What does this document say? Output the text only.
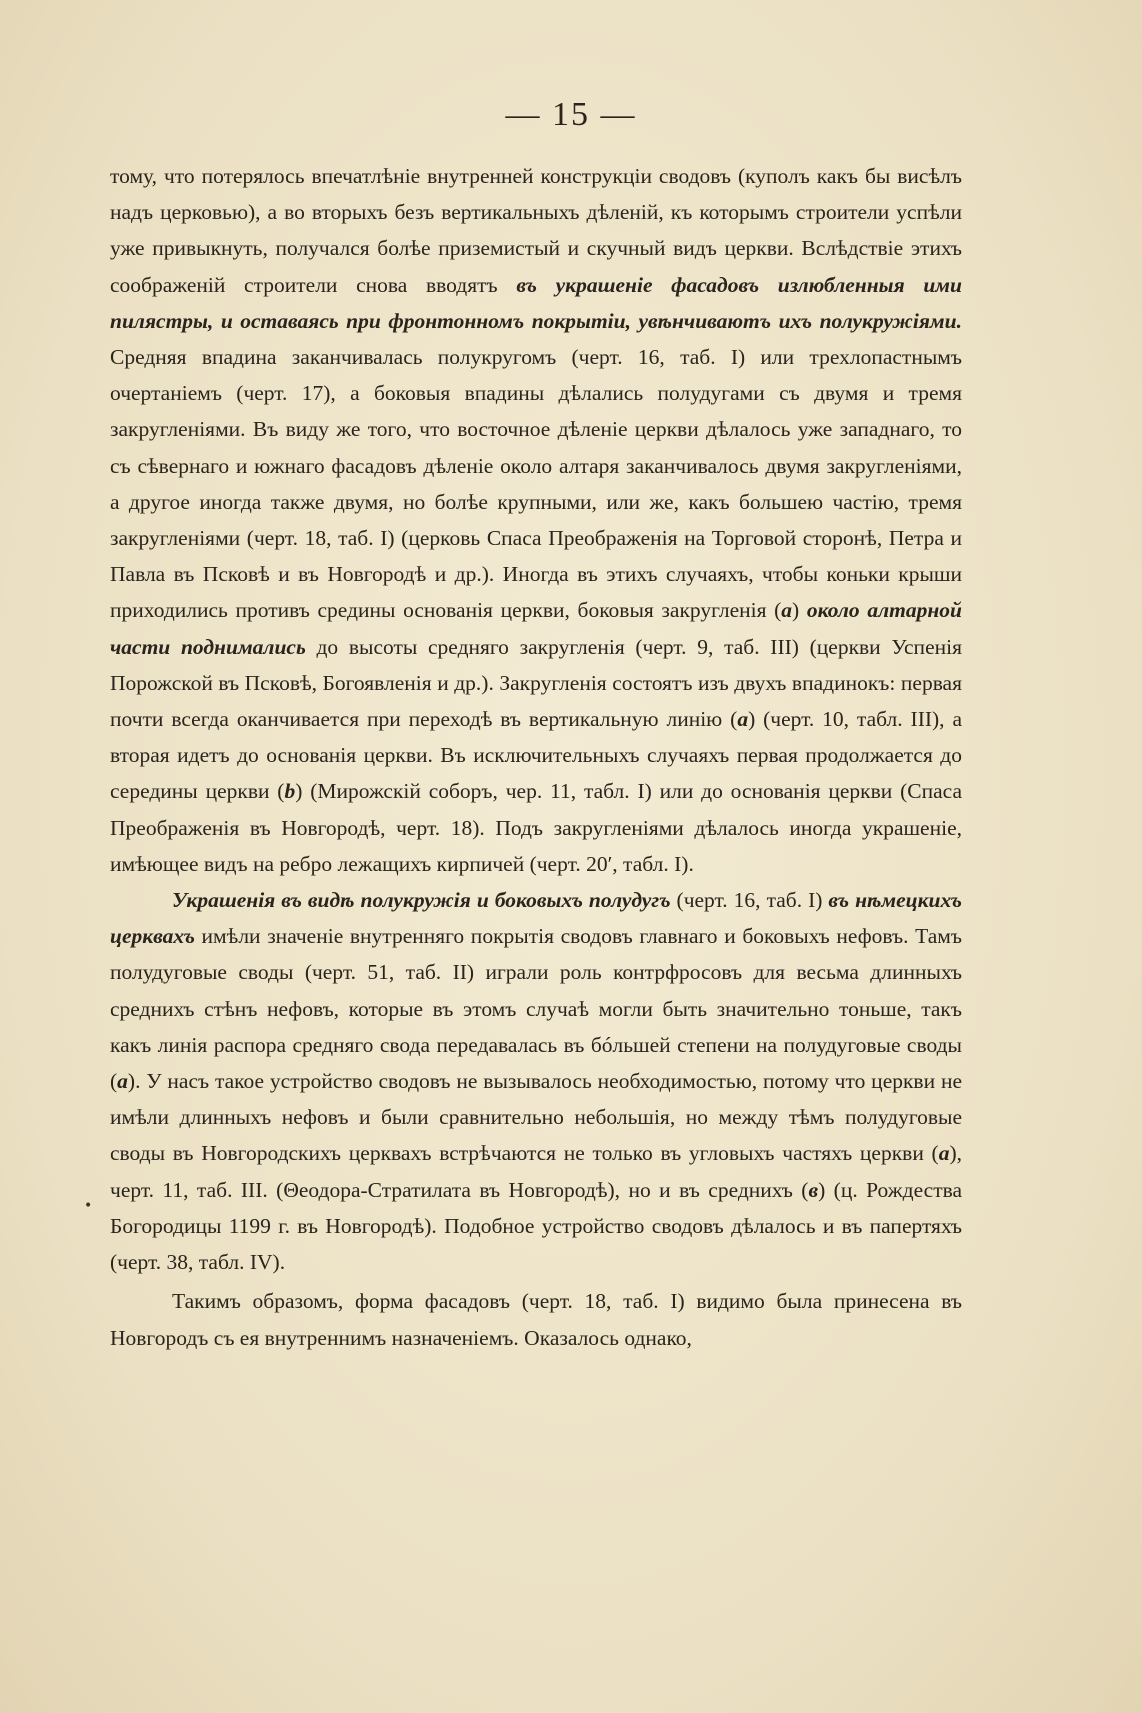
— 15 —
•

тому, что потерялось впечатлѣніе внутренней конструкціи сводовъ (куполъ какъ бы висѣлъ надъ церковью), а во вторыхъ безъ вертикальныхъ дѣленій, къ которымъ строители успѣли уже привыкнуть, получался болѣе приземистый и скучный видъ церкви. Вслѣдствіе этихъ соображеній строители снова вводятъ въ украшеніе фасадовъ излюбленныя ими пилястры, и оставаясь при фронтонномъ покрытіи, увѣнчиваютъ ихъ полукружіями. Средняя впадина заканчивалась полукругомъ (черт. 16, таб. I) или трехлопастнымъ очертаніемъ (черт. 17), а боковыя впадины дѣлались полудугами съ двумя и тремя закругленіями. Въ виду же того, что восточное дѣленіе церкви дѣлалось уже западнаго, то съ сѣвернаго и южнаго фасадовъ дѣленіе около алтаря заканчивалось двумя закругленіями, а другое иногда также двумя, но болѣе крупными, или же, какъ большею частію, тремя закругленіями (черт. 18, таб. I) (церковь Спаса Преображенія на Торговой сторонѣ, Петра и Павла въ Псковѣ и въ Новгородѣ и др.). Иногда въ этихъ случаяхъ, чтобы коньки крыши приходились противъ средины основанія церкви, боковыя закругленія (а) около алтарной части поднимались до высоты средняго закругленія (черт. 9, таб. III) (церкви Успенія Порожской въ Псковѣ, Богоявленія и др.). Закругленія состоятъ изъ двухъ впадинокъ: первая почти всегда оканчивается при переходѣ въ вертикальную линію (а) (черт. 10, табл. III), а вторая идетъ до основанія церкви. Въ исключительныхъ случаяхъ первая продолжается до середины церкви (b) (Мирожскій соборъ, чер. 11, табл. I) или до основанія церкви (Спаса Преображенія въ Новгородѣ, черт. 18). Подъ закругленіями дѣлалось иногда украшеніе, имѣющее видъ на ребро лежащихъ кирпичей (черт. 20′, табл. I).

Украшенія въ видѣ полукружія и боковыхъ полудугъ (черт. 16, таб. I) въ нѣмецкихъ церквахъ имѣли значеніе внутренняго покрытія сводовъ главнаго и боковыхъ нефовъ. Тамъ полудуговые своды (черт. 51, таб. II) играли роль контрфросовъ для весьма длинныхъ среднихъ стѣнъ нефовъ, которые въ этомъ случаѣ могли быть значительно тоньше, такъ какъ линія распора средняго свода передавалась въ бóльшей степени на полудуговые своды (а). У насъ такое устройство сводовъ не вызывалось необходимостью, потому что церкви не имѣли длинныхъ нефовъ и были сравнительно небольшія, но между тѣмъ полудуговые своды въ Новгородскихъ церквахъ встрѣчаются не только въ угловыхъ частяхъ церкви (а), черт. 11, таб. III. (Θеодора-Стратилата въ Новгородѣ), но и въ среднихъ (в) (ц. Рождества Богородицы 1199 г. въ Новгородѣ). Подобное устройство сводовъ дѣлалось и въ папертяхъ (черт. 38, табл. IV).

Такимъ образомъ, форма фасадовъ (черт. 18, таб. I) видимо была принесена въ Новгородъ съ ея внутреннимъ назначеніемъ. Оказалось однако,
